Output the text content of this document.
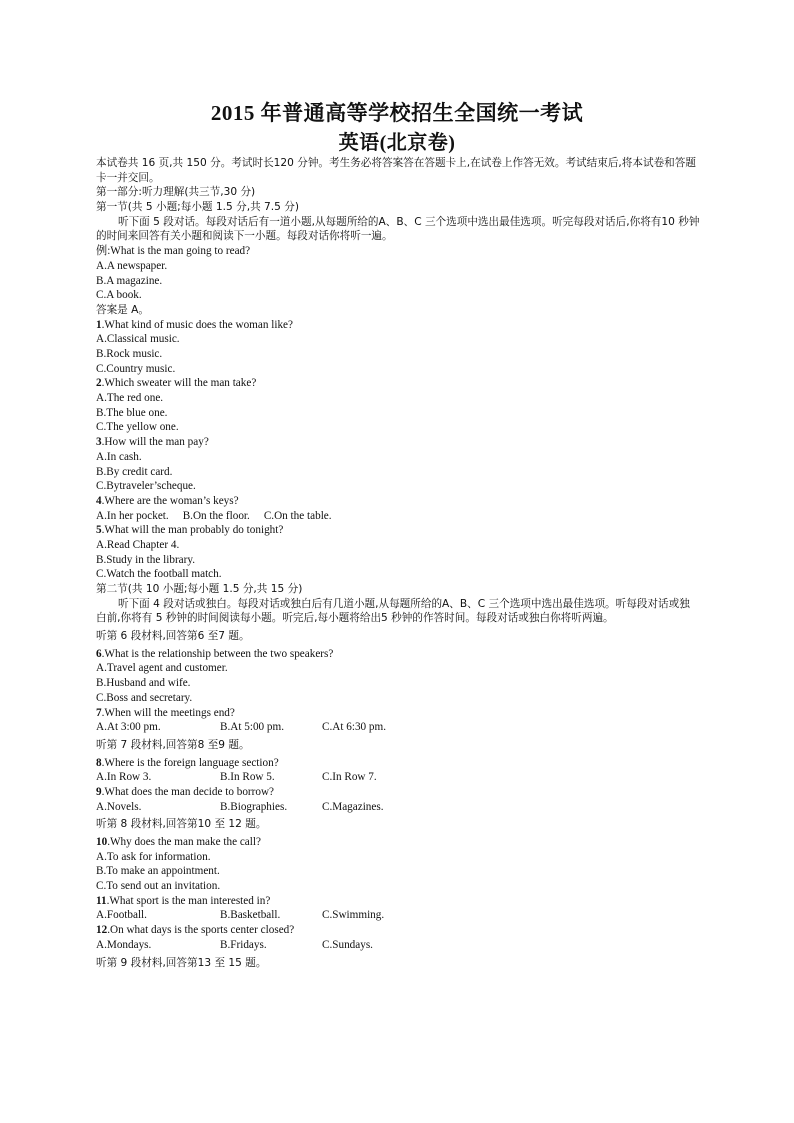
2015 年普通高等学校招生全国统一考试
英语(北京卷)
本试卷共 16 页,共 150 分。考试时长120 分钟。考生务必将答案答在答题卡上,在试卷上作答无效。考试结束后,将本试卷和答题卡一并交回。
第一部分:听力理解(共三节,30 分)
第一节(共 5 小题;每小题 1.5 分,共 7.5 分)
听下面 5 段对话。每段对话后有一道小题,从每题所给的A、B、C 三个选项中选出最佳选项。听完每段对话后,你将有10 秒钟的时间来回答有关小题和阅读下一小题。每段对话你将听一遍。
例:What is the man going to read?
A.A newspaper.
B.A magazine.
C.A book.
答案是 A。
1.What kind of music does the woman like?
A.Classical music.
B.Rock music.
C.Country music.
2.Which sweater will the man take?
A.The red one.
B.The blue one.
C.The yellow one.
3.How will the man pay?
A.In cash.
B.By credit card.
C.Bytraveler’scheque.
4.Where are the woman’s keys?
A.In her pocket. B.On the floor. C.On the table.
5.What will the man probably do tonight?
A.Read Chapter 4.
B.Study in the library.
C.Watch the football match.
第二节(共 10 小题;每小题 1.5 分,共 15 分)
听下面 4 段对话或独白。每段对话或独白后有几道小题,从每题所给的A、B、C 三个选项中选出最佳选项。听每段对话或独白前,你将有 5 秒钟的时间阅读每小题。听完后,每小题将给出5 秒钟的作答时间。每段对话或独白你将听两遍。
听第 6 段材料,回答第6 至7 题。
6.What is the relationship between the two speakers?
A.Travel agent and customer.
B.Husband and wife.
C.Boss and secretary.
7.When will the meetings end?
A.At 3:00 pm.	B.At 5:00 pm.	C.At 6:30 pm.
听第 7 段材料,回答第8 至9 题。
8.Where is the foreign language section?
A.In Row 3.	B.In Row 5.	C.In Row 7.
9.What does the man decide to borrow?
A.Novels.	B.Biographies.	C.Magazines.
听第 8 段材料,回答第10 至 12 题。
10.Why does the man make the call?
A.To ask for information.
B.To make an appointment.
C.To send out an invitation.
11.What sport is the man interested in?
A.Football.	B.Basketball.	C.Swimming.
12.On what days is the sports center closed?
A.Mondays.	B.Fridays.	C.Sundays.
听第 9 段材料,回答第13 至 15 题。
